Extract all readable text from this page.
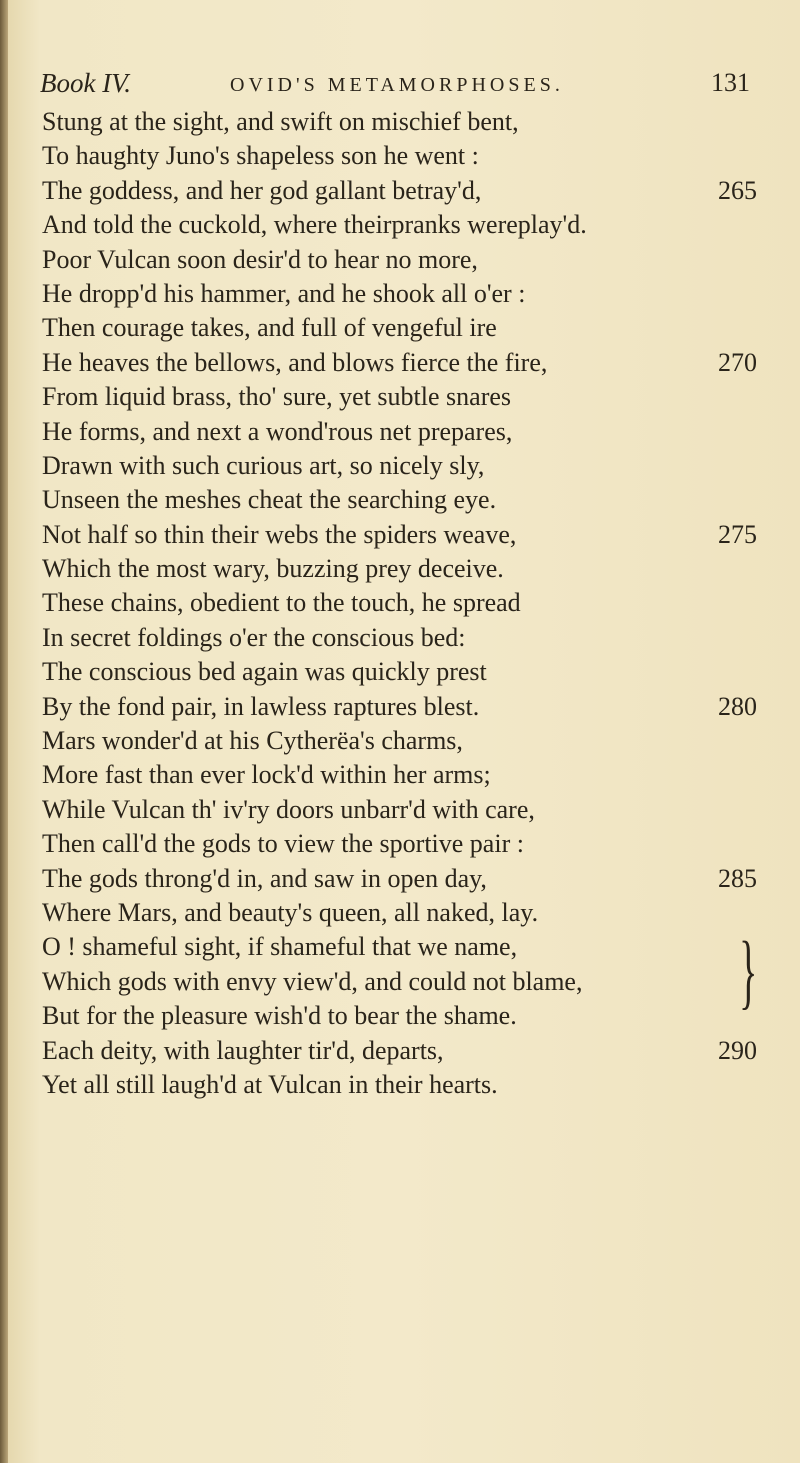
Book IV.	OVID'S METAMORPHOSES.	131
Stung at the sight, and swift on mischief bent,
To haughty Juno's shapeless son he went :
The goddess, and her god gallant betray'd,	265
And told the cuckold, where theirpranks wereplay'd.
Poor Vulcan soon desir'd to hear no more,
He dropp'd his hammer, and he shook all o'er :
Then courage takes, and full of vengeful ire
He heaves the bellows, and blows fierce the fire,	270
From liquid brass, tho' sure, yet subtle snares
He forms, and next a wond'rous net prepares,
Drawn with such curious art, so nicely sly,
Unseen the meshes cheat the searching eye.
Not half so thin their webs the spiders weave,	275
Which the most wary, buzzing prey deceive.
These chains, obedient to the touch, he spread
In secret foldings o'er the conscious bed:
The conscious bed again was quickly prest
By the fond pair, in lawless raptures blest.	280
Mars wonder'd at his Cytherëa's charms,
More fast than ever lock'd within her arms;
While Vulcan th' iv'ry doors unbarr'd with care,
Then call'd the gods to view the sportive pair :
The gods throng'd in, and saw in open day,	285
Where Mars, and beauty's queen, all naked, lay.
O ! shameful sight, if shameful that we name,	}
Which gods with envy view'd, and could not blame,
But for the pleasure wish'd to bear the shame.
Each deity, with laughter tir'd, departs,	290
Yet all still laugh'd at Vulcan in their hearts.
